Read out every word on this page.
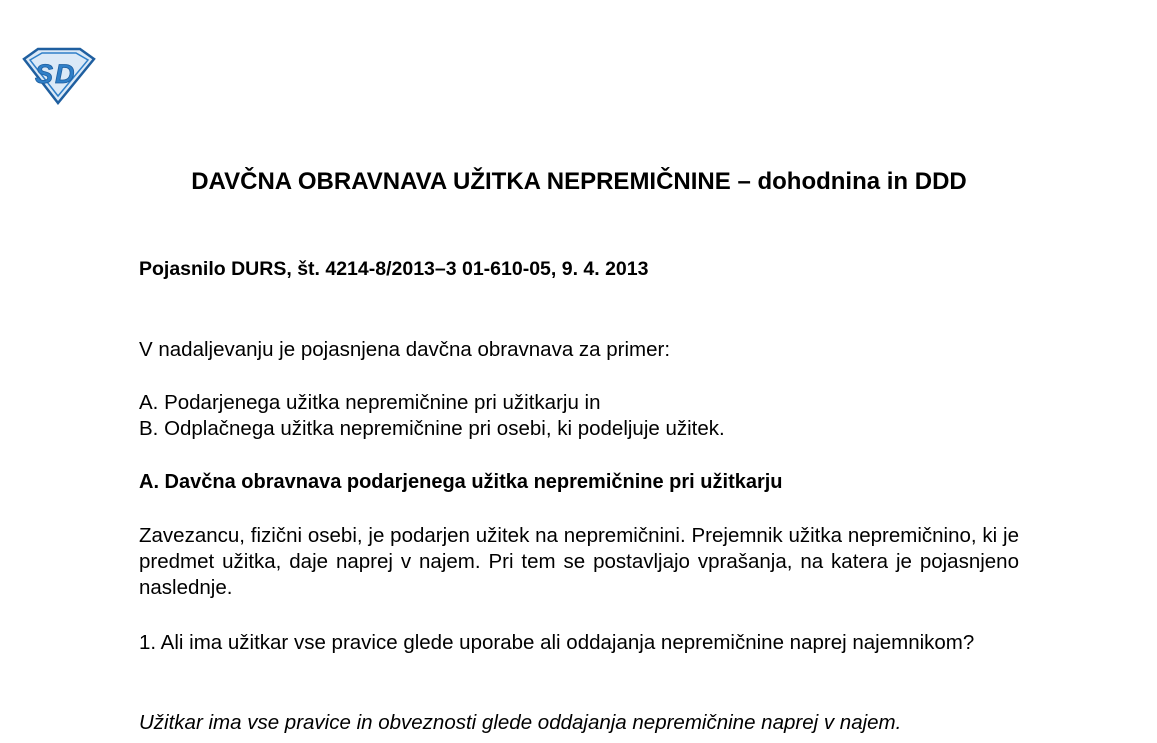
S D
DAVČNA OBRAVNAVA UŽITKA NEPREMIČNINE – dohodnina in DDD
Pojasnilo DURS, št. 4214-8/2013–3 01-610-05, 9. 4. 2013
V nadaljevanju je pojasnjena davčna obravnava za primer:
A. Podarjenega užitka nepremičnine pri užitkarju in
B. Odplačnega užitka nepremičnine pri osebi, ki podeljuje užitek.
A. Davčna obravnava podarjenega užitka nepremičnine pri užitkarju
Zavezancu, fizični osebi, je podarjen užitek na nepremičnini. Prejemnik užitka nepremičnino, ki je predmet užitka, daje naprej v najem. Pri tem se postavljajo vprašanja, na katera je pojasnjeno naslednje.
1. Ali ima užitkar vse pravice glede uporabe ali oddajanja nepremičnine naprej najemnikom?
Užitkar ima vse pravice in obveznosti glede oddajanja nepremičnine naprej v najem.
